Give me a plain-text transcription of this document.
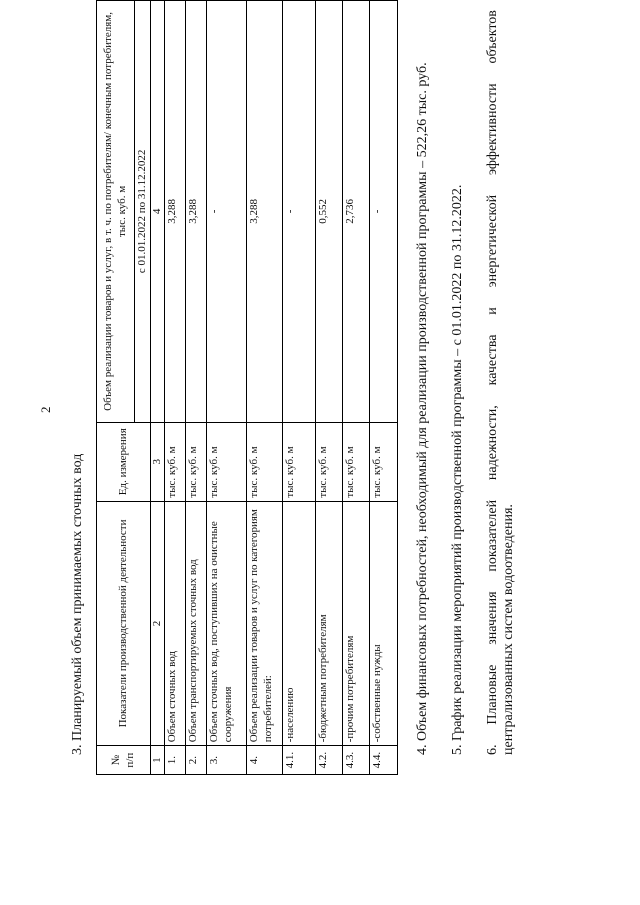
2
3. Планируемый объем принимаемых сточных вод
№ п/п	Показатели производственной деятельности	Ед. измерения	Объем реализации товаров и услуг, в т. ч. по потребителям/ конечным потребителям, тыс. куб. м
			с 01.01.2022 по 31.12.2022
1	2	3	4
1.	Объем сточных вод	тыс. куб. м	3,288
2.	Объем транспортируемых сточных вод	тыс. куб. м	3,288
3.	Объем сточных вод, поступивших на очистные сооружения	тыс. куб. м	-
4.	Объем реализации товаров и услуг по категориям потребителей:	тыс. куб. м	3,288
4.1.	-населению	тыс. куб. м	-
4.2.	-бюджетным потребителям	тыс. куб. м	0,552
4.3.	-прочим потребителям	тыс. куб. м	2,736
4.4.	-собственные нужды	тыс. куб. м	- 4. Объем финансовых потребностей, необходимый для реализации производственной программы – 522,26 тыс. руб. 5. График реализации мероприятий производственной программы – с 01.01.2022 по 31.12.2022. 6.
Плановые
значения
показателей
надежности,
качества
и
энергетической
эффективности
объектов
централизованных систем водоотведения.
